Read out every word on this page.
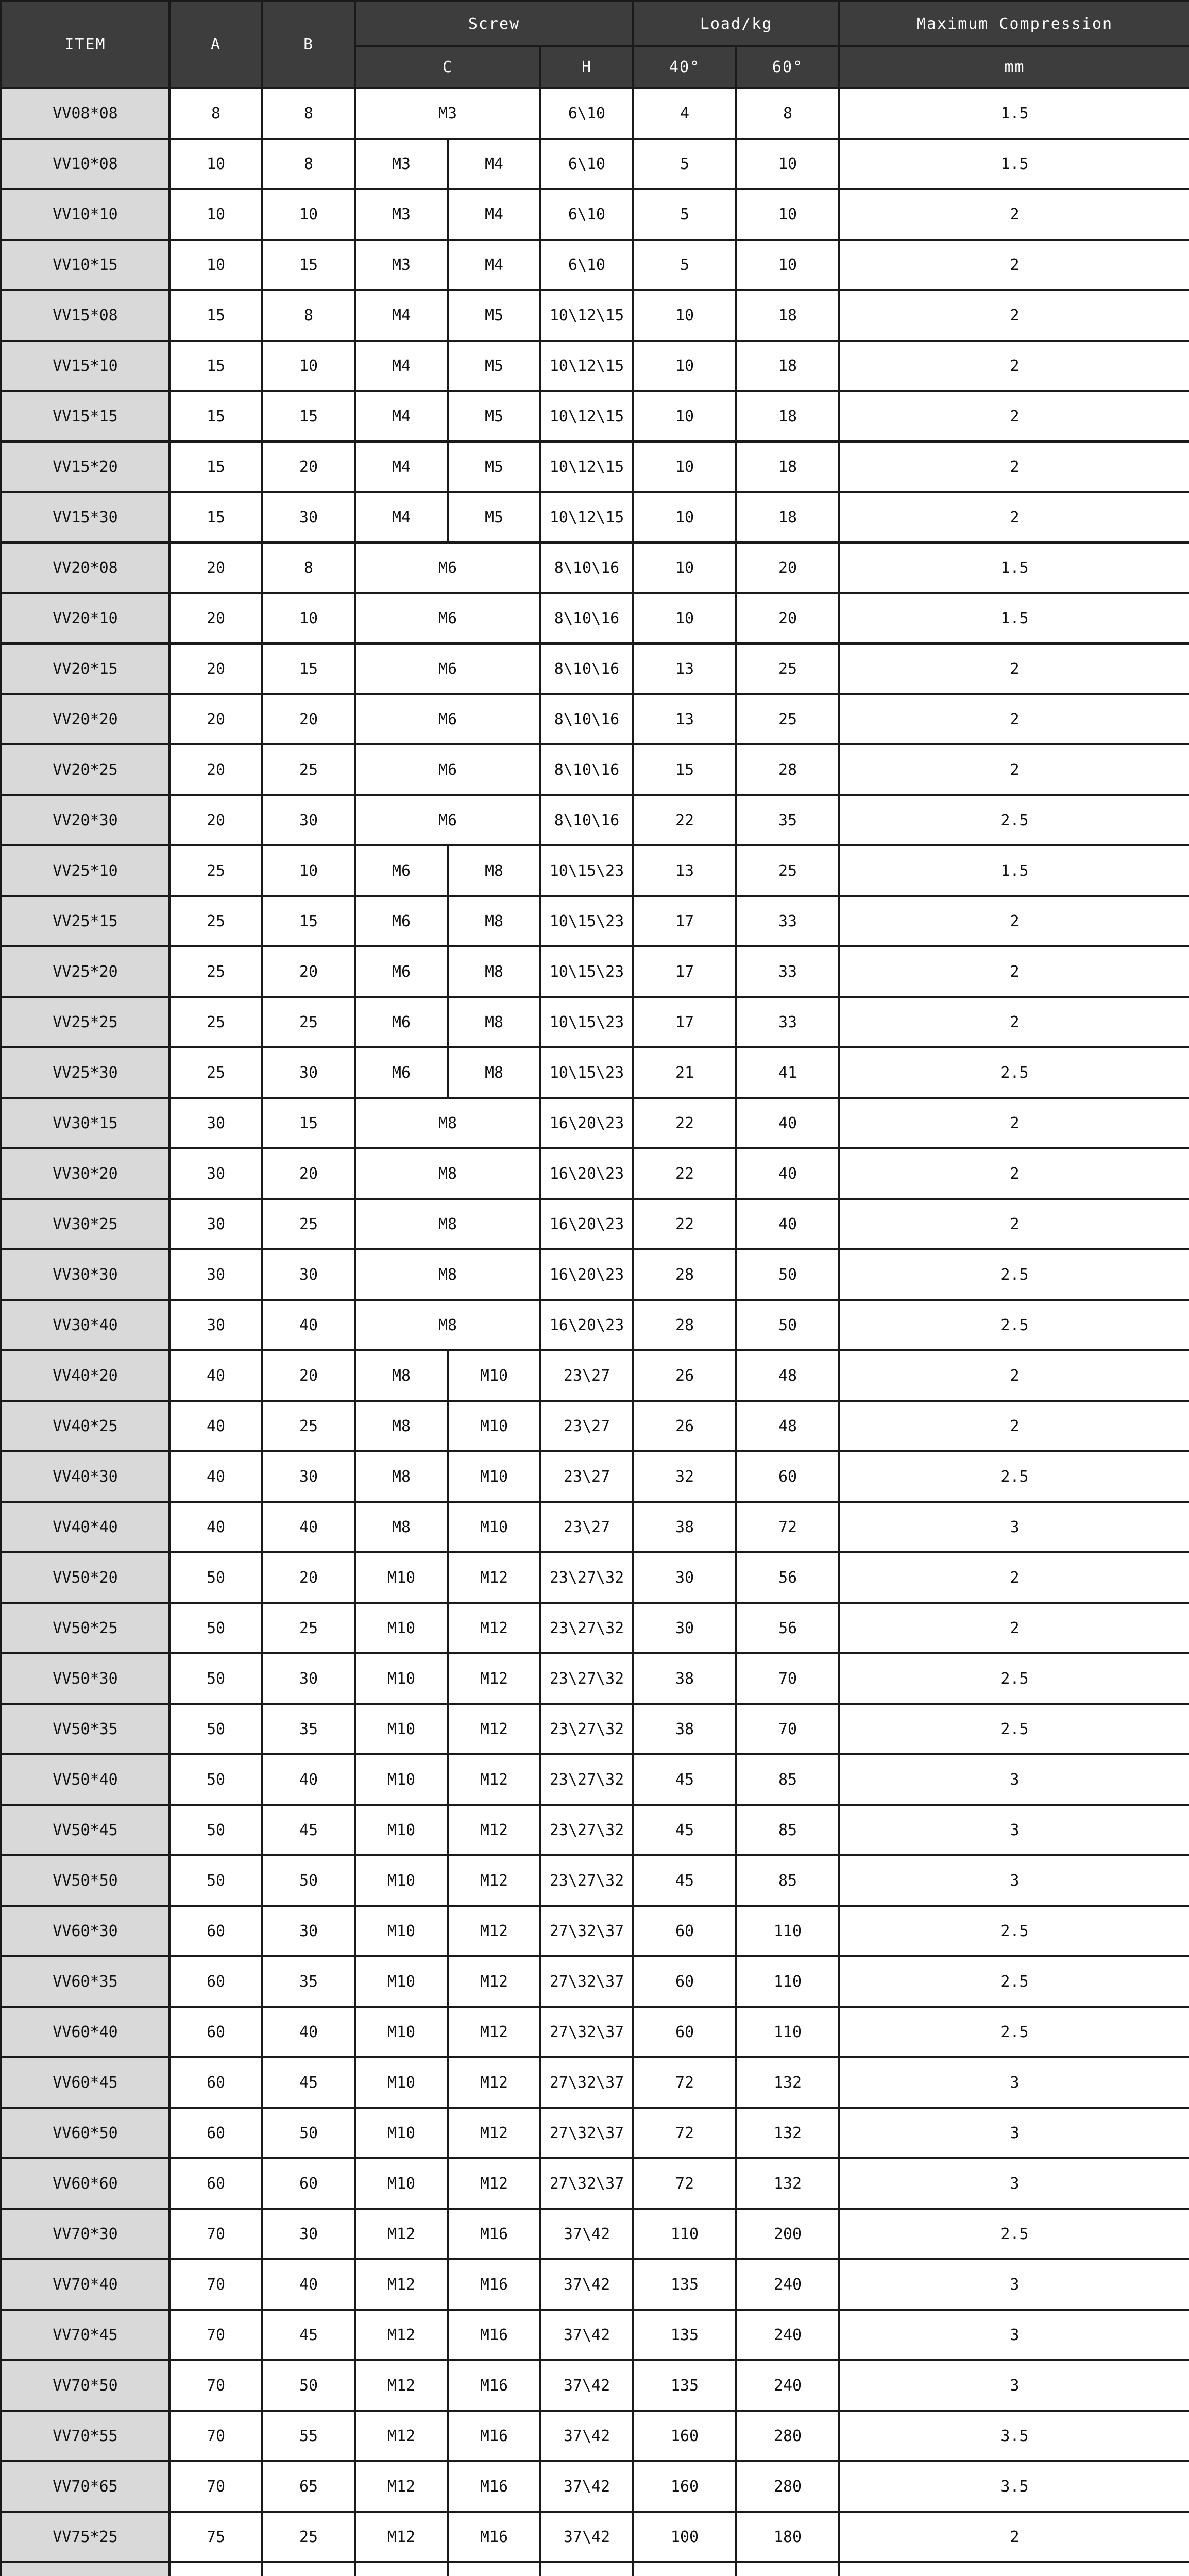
ITEM	A	B	Screw			Load/kg		Maximum Compression
			C		H	40°	60°	mm
VV08*08	8	8	M3		6\10	4	8	1.5
VV10*08	10	8	M3	M4	6\10	5	10	1.5
VV10*10	10	10	M3	M4	6\10	5	10	2
VV10*15	10	15	M3	M4	6\10	5	10	2
VV15*08	15	8	M4	M5	10\12\15	10	18	2
VV15*10	15	10	M4	M5	10\12\15	10	18	2
VV15*15	15	15	M4	M5	10\12\15	10	18	2
VV15*20	15	20	M4	M5	10\12\15	10	18	2
VV15*30	15	30	M4	M5	10\12\15	10	18	2
VV20*08	20	8	M6		8\10\16	10	20	1.5
VV20*10	20	10	M6		8\10\16	10	20	1.5
VV20*15	20	15	M6		8\10\16	13	25	2
VV20*20	20	20	M6		8\10\16	13	25	2
VV20*25	20	25	M6		8\10\16	15	28	2
VV20*30	20	30	M6		8\10\16	22	35	2.5
VV25*10	25	10	M6	M8	10\15\23	13	25	1.5
VV25*15	25	15	M6	M8	10\15\23	17	33	2
VV25*20	25	20	M6	M8	10\15\23	17	33	2
VV25*25	25	25	M6	M8	10\15\23	17	33	2
VV25*30	25	30	M6	M8	10\15\23	21	41	2.5
VV30*15	30	15	M8		16\20\23	22	40	2
VV30*20	30	20	M8		16\20\23	22	40	2
VV30*25	30	25	M8		16\20\23	22	40	2
VV30*30	30	30	M8		16\20\23	28	50	2.5
VV30*40	30	40	M8		16\20\23	28	50	2.5
VV40*20	40	20	M8	M10	23\27	26	48	2
VV40*25	40	25	M8	M10	23\27	26	48	2
VV40*30	40	30	M8	M10	23\27	32	60	2.5
VV40*40	40	40	M8	M10	23\27	38	72	3
VV50*20	50	20	M10	M12	23\27\32	30	56	2
VV50*25	50	25	M10	M12	23\27\32	30	56	2
VV50*30	50	30	M10	M12	23\27\32	38	70	2.5
VV50*35	50	35	M10	M12	23\27\32	38	70	2.5
VV50*40	50	40	M10	M12	23\27\32	45	85	3
VV50*45	50	45	M10	M12	23\27\32	45	85	3
VV50*50	50	50	M10	M12	23\27\32	45	85	3
VV60*30	60	30	M10	M12	27\32\37	60	110	2.5
VV60*35	60	35	M10	M12	27\32\37	60	110	2.5
VV60*40	60	40	M10	M12	27\32\37	60	110	2.5
VV60*45	60	45	M10	M12	27\32\37	72	132	3
VV60*50	60	50	M10	M12	27\32\37	72	132	3
VV60*60	60	60	M10	M12	27\32\37	72	132	3
VV70*30	70	30	M12	M16	37\42	110	200	2.5
VV70*40	70	40	M12	M16	37\42	135	240	3
VV70*45	70	45	M12	M16	37\42	135	240	3
VV70*50	70	50	M12	M16	37\42	135	240	3
VV70*55	70	55	M12	M16	37\42	160	280	3.5
VV70*65	70	65	M12	M16	37\42	160	280	3.5
VV75*25	75	25	M12	M16	37\42	100	180	2
